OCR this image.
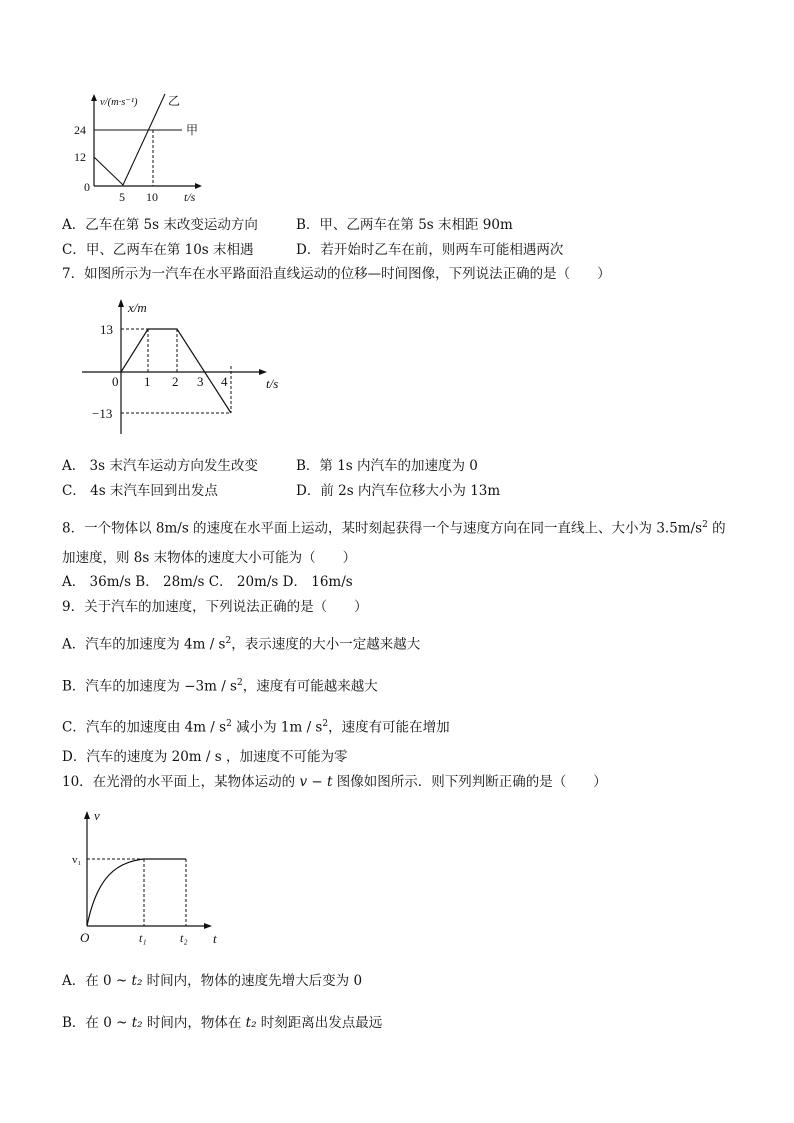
v/(m·s⁻¹)
24
12
0
5 10 t/s
甲
乙
A．乙车在第 5s 末改变运动方向	B．甲、乙两车在第 5s 末相距 90m
C．甲、乙两车在第 10s 末相遇	D．若开始时乙车在前，则两车可能相遇两次
7．如图所示为一汽车在水平路面沿直线运动的位移—时间图像，下列说法正确的是（　　）
x/m
13
−13
0 1 2 3 4	t/s
A． 3s 末汽车运动方向发生改变	B．第 1s 内汽车的加速度为 0
C． 4s 末汽车回到出发点	D．前 2s 内汽车位移大小为 13m
8．一个物体以 8m/s 的速度在水平面上运动，某时刻起获得一个与速度方向在同一直线上、大小为 $3.5m/s^2$ 的
加速度，则 8s 末物体的速度大小可能为（　　）
A． 36m/s B． 28m/s C． 20m/s D． 16m/s
9．关于汽车的加速度，下列说法正确的是（　　）
A．汽车的加速度为 $4m / s^2$，表示速度的大小一定越来越大
B．汽车的加速度为 $-3m / s^2$，速度有可能越来越大
C．汽车的加速度由 $4m / s^2$ 减小为 $1m / s^2$，速度有可能在增加
D．汽车的速度为 20m / s ，加速度不可能为零
10．在光滑的水平面上，某物体运动的 v − t 图像如图所示．则下列判断正确的是（　　）
v
v₁
O	t₁	t₂ t
A．在 0 ~ t₂ 时间内，物体的速度先增大后变为 0
B．在 0 ~ t₂ 时间内，物体在 t₂ 时刻距离出发点最远
